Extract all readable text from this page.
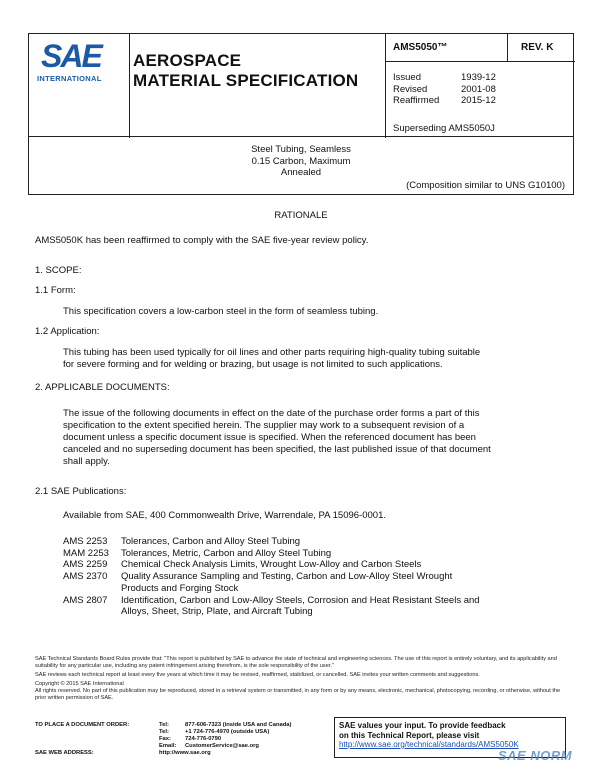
SAE
INTERNATIONAL
AEROSPACE
MATERIAL SPECIFICATION
AMS5050™	REV. K
Issued	1939-12
Revised	2001-08
Reaffirmed	2015-12
Superseding AMS5050J
Steel Tubing, Seamless
0.15 Carbon, Maximum
Annealed
(Composition similar to UNS G10100)
RATIONALE
AMS5050K has been reaffirmed to comply with the SAE five-year review policy.
1. SCOPE:
1.1 Form:
This specification covers a low-carbon steel in the form of seamless tubing.
1.2 Application:
This tubing has been used typically for oil lines and other parts requiring high-quality tubing suitable
for severe forming and for welding or brazing, but usage is not limited to such applications.
2. APPLICABLE DOCUMENTS:
The issue of the following documents in effect on the date of the purchase order forms a part of this
specification to the extent specified herein. The supplier may work to a subsequent revision of a
document unless a specific document issue is specified. When the referenced document has been
canceled and no superseding document has been specified, the last published issue of that document
shall apply.
2.1 SAE Publications:
Available from SAE, 400 Commonwealth Drive, Warrendale, PA 15096-0001.
AMS 2253	Tolerances, Carbon and Alloy Steel Tubing
MAM 2253	Tolerances, Metric, Carbon and Alloy Steel Tubing
AMS 2259	Chemical Check Analysis Limits, Wrought Low-Alloy and Carbon Steels
AMS 2370	Quality Assurance Sampling and Testing, Carbon and Low-Alloy Steel Wrought
Products and Forging Stock
AMS 2807	Identification, Carbon and Low-Alloy Steels, Corrosion and Heat Resistant Steels and
Alloys, Sheet, Strip, Plate, and Aircraft Tubing
SAE Technical Standards Board Rules provide that: "This report is published by SAE to advance the state of technical and engineering sciences. The use of this report is entirely voluntary, and its applicability and suitability for any particular use, including any patent infringement arising therefrom, is the sole responsibility of the user."
SAE reviews each technical report at least every five years at which time it may be revised, reaffirmed, stabilized, or cancelled. SAE invites your written comments and suggestions.
Copyright © 2015 SAE International
All rights reserved. No part of this publication may be reproduced, stored in a retrieval system or transmitted, in any form or by any means, electronic, mechanical, photocopying, recording, or otherwise, without the prior written permission of SAE.
TO PLACE A DOCUMENT ORDER:	Tel:	877-606-7323 (inside USA and Canada)
Tel:	+1 724-776-4970 (outside USA)
Fax:	724-776-0790
Email:	CustomerService@sae.org
SAE WEB ADDRESS:	http://www.sae.org
SAE values your input. To provide feedback
on this Technical Report, please visit
http://www.sae.org/technical/standards/AMS5050K
SAE NORM
